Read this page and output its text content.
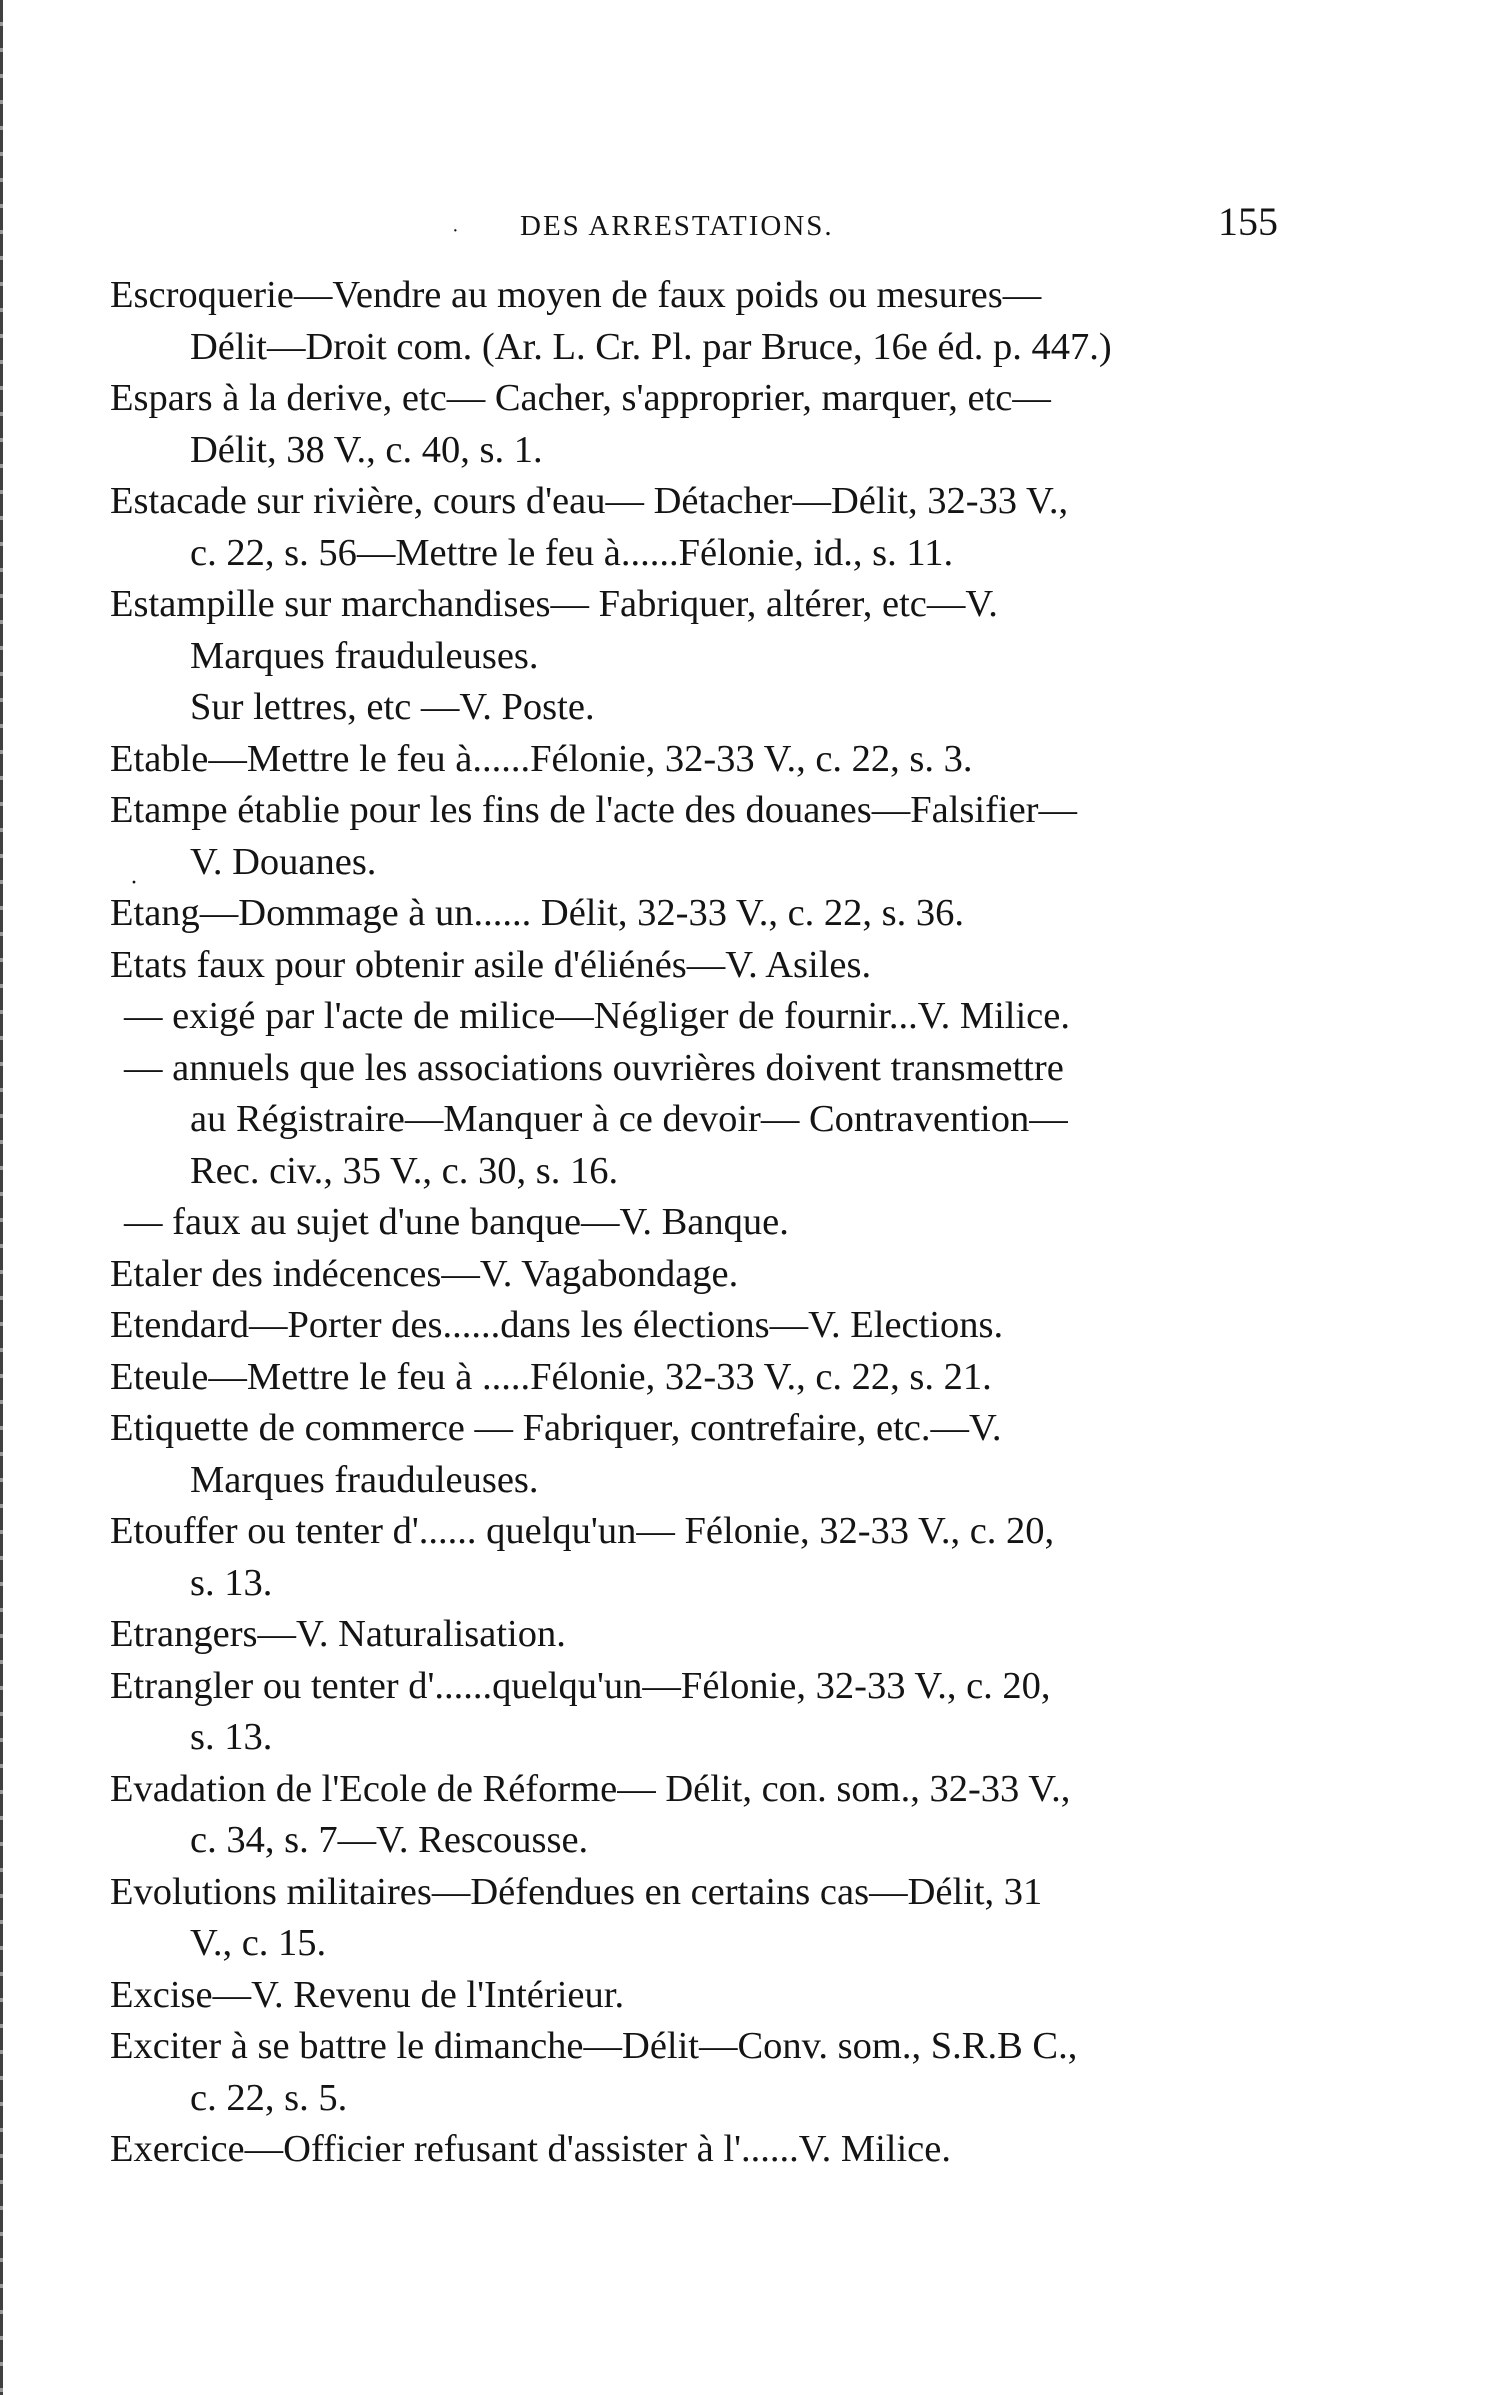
· DES ARRESTATIONS.	155
·
Escroquerie—Vendre au moyen de faux poids ou mesures—
Délit—Droit com. (Ar. L. Cr. Pl. par Bruce, 16e éd. p. 447.)
Espars à la derive, etc— Cacher, s'approprier, marquer, etc—
Délit, 38 V., c. 40, s. 1.
Estacade sur rivière, cours d'eau— Détacher—Délit, 32-33 V.,
c. 22, s. 56—Mettre le feu à......Félonie, id., s. 11.
Estampille sur marchandises— Fabriquer, altérer, etc—V.
Marques frauduleuses.
Sur lettres, etc —V. Poste.
Etable—Mettre le feu à......Félonie, 32-33 V., c. 22, s. 3.
Etampe établie pour les fins de l'acte des douanes—Falsifier—
V. Douanes.
Etang—Dommage à un...... Délit, 32-33 V., c. 22, s. 36.
Etats faux pour obtenir asile d'éliénés—V. Asiles.
— exigé par l'acte de milice—Négliger de fournir...V. Milice.
— annuels que les associations ouvrières doivent transmettre
au Régistraire—Manquer à ce devoir— Contravention—
Rec. civ., 35 V., c. 30, s. 16.
— faux au sujet d'une banque—V. Banque.
Etaler des indécences—V. Vagabondage.
Etendard—Porter des......dans les élections—V. Elections.
Eteule—Mettre le feu à .....Félonie, 32-33 V., c. 22, s. 21.
Etiquette de commerce — Fabriquer, contrefaire, etc.—V.
Marques frauduleuses.
Etouffer ou tenter d'...... quelqu'un— Félonie, 32-33 V., c. 20,
s. 13.
Etrangers—V. Naturalisation.
Etrangler ou tenter d'......quelqu'un—Félonie, 32-33 V., c. 20,
s. 13.
Evadation de l'Ecole de Réforme— Délit, con. som., 32-33 V.,
c. 34, s. 7—V. Rescousse.
Evolutions militaires—Défendues en certains cas—Délit, 31
V., c. 15.
Excise—V. Revenu de l'Intérieur.
Exciter à se battre le dimanche—Délit—Conv. som., S.R.B C.,
c. 22, s. 5.
Exercice—Officier refusant d'assister à l'......V. Milice.
